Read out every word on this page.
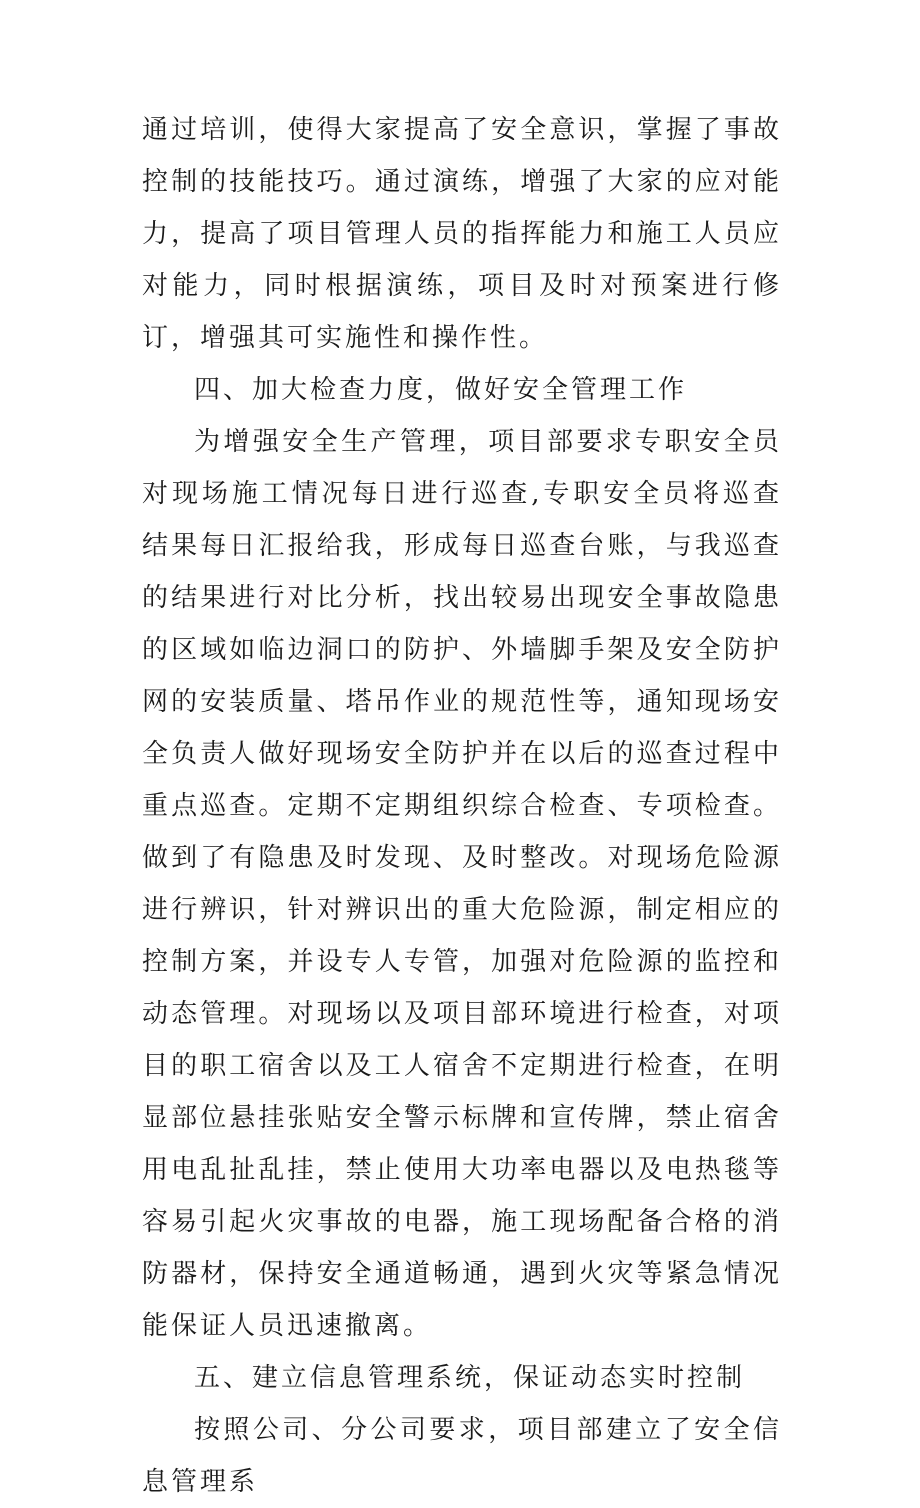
通过培训，使得大家提高了安全意识，掌握了事故控制的技能技巧。通过演练，增强了大家的应对能力，提高了项目管理人员的指挥能力和施工人员应对能力，同时根据演练，项目及时对预案进行修订，增强其可实施性和操作性。

四、加大检查力度，做好安全管理工作

为增强安全生产管理，项目部要求专职安全员对现场施工情况每日进行巡查,专职安全员将巡查结果每日汇报给我，形成每日巡查台账，与我巡查的结果进行对比分析，找出较易出现安全事故隐患的区域如临边洞口的防护、外墙脚手架及安全防护网的安装质量、塔吊作业的规范性等，通知现场安全负责人做好现场安全防护并在以后的巡查过程中重点巡查。定期不定期组织综合检查、专项检查。做到了有隐患及时发现、及时整改。对现场危险源进行辨识，针对辨识出的重大危险源，制定相应的控制方案，并设专人专管，加强对危险源的监控和动态管理。对现场以及项目部环境进行检查，对项目的职工宿舍以及工人宿舍不定期进行检查，在明显部位悬挂张贴安全警示标牌和宣传牌，禁止宿舍用电乱扯乱挂，禁止使用大功率电器以及电热毯等容易引起火灾事故的电器，施工现场配备合格的消防器材，保持安全通道畅通，遇到火灾等紧急情况能保证人员迅速撤离。

五、建立信息管理系统，保证动态实时控制

按照公司、分公司要求，项目部建立了安全信息管理系
